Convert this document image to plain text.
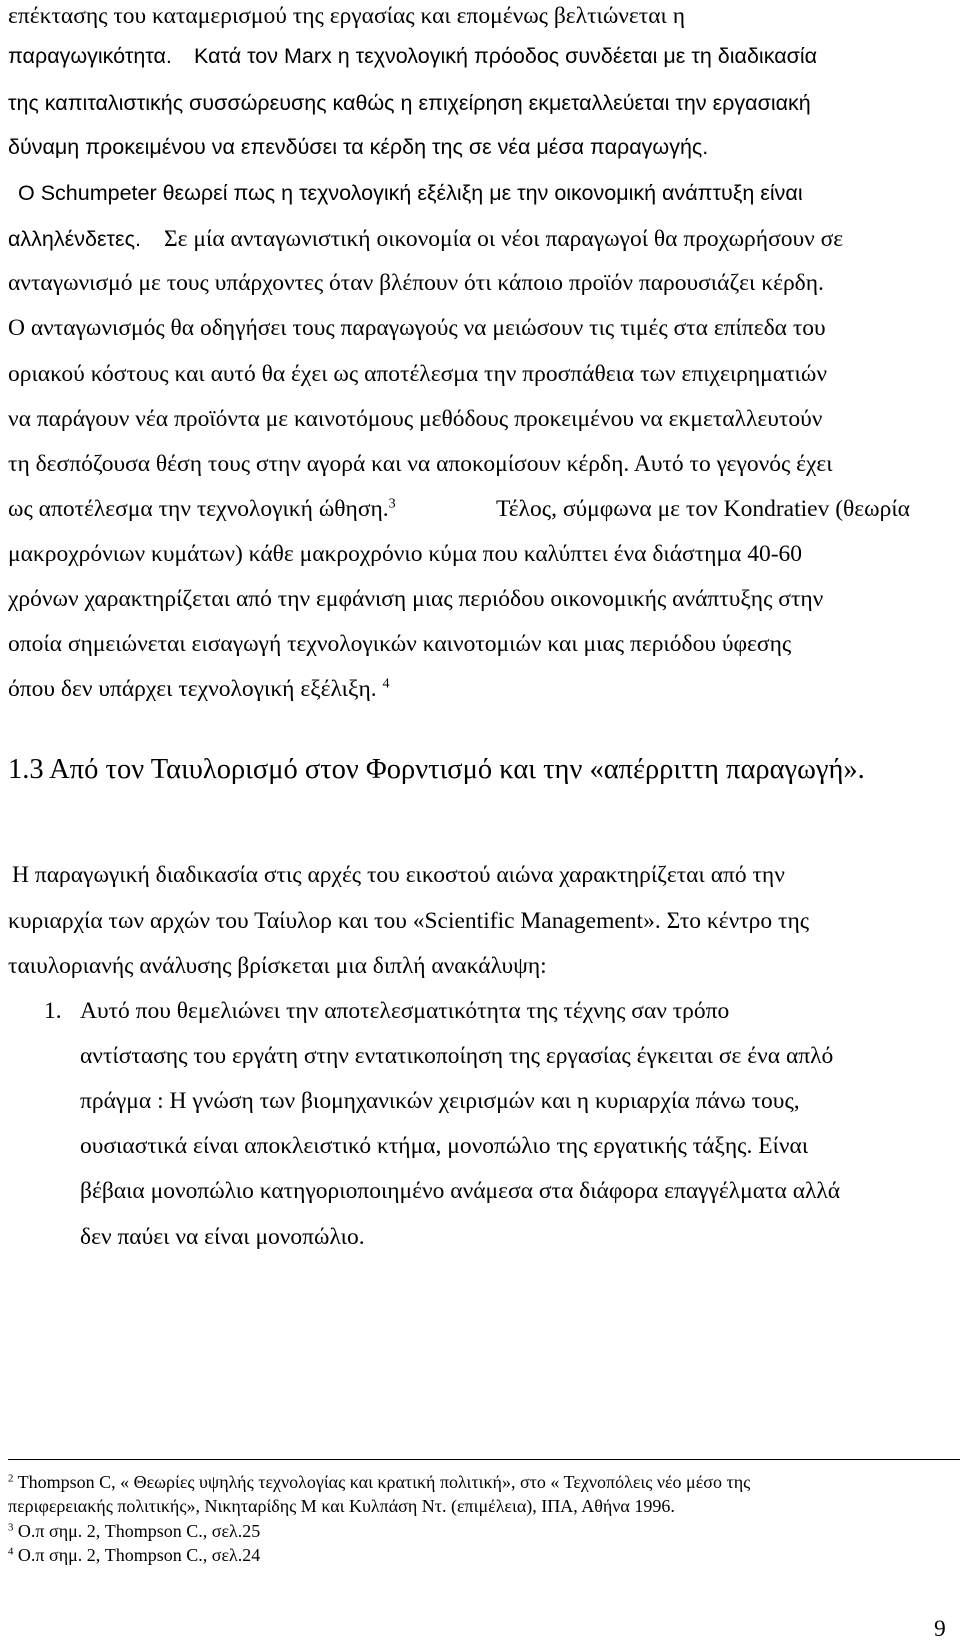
επέκτασης του καταμερισμού της εργασίας και επομένως βελτιώνεται η
παραγωγικότητα. Κατά τον Marx η τεχνολογική πρόοδος συνδέεται με τη διαδικασία
της καπιταλιστικής συσσώρευσης καθώς η επιχείρηση εκμεταλλεύεται την εργασιακή
δύναμη προκειμένου να επενδύσει τα κέρδη της σε νέα μέσα παραγωγής.
Ο Schumpeter θεωρεί πως η τεχνολογική εξέλιξη με την οικονομική ανάπτυξη είναι
αλληλένδετες. Σε μία ανταγωνιστική οικονομία οι νέοι παραγωγοί θα προχωρήσουν σε
ανταγωνισμό με τους υπάρχοντες όταν βλέπουν ότι κάποιο προϊόν παρουσιάζει κέρδη.
Ο ανταγωνισμός θα οδηγήσει τους παραγωγούς να μειώσουν τις τιμές στα επίπεδα του
οριακού κόστους και αυτό θα έχει ως αποτέλεσμα την προσπάθεια των επιχειρηματιών
να παράγουν νέα προϊόντα με καινοτόμους μεθόδους προκειμένου να εκμεταλλευτούν
τη δεσπόζουσα θέση τους στην αγορά και να αποκομίσουν κέρδη. Αυτό το γεγονός έχει
ως αποτέλεσμα την τεχνολογική ώθηση.$^3$	Τέλος, σύμφωνα με τον Kondratiev (θεωρία
μακροχρόνιων κυμάτων) κάθε μακροχρόνιο κύμα που καλύπτει ένα διάστημα 40-60
χρόνων χαρακτηρίζεται από την εμφάνιση μιας περιόδου οικονομικής ανάπτυξης στην
οποία σημειώνεται εισαγωγή τεχνολογικών καινοτομιών και μιας περιόδου ύφεσης
όπου δεν υπάρχει τεχνολογική εξέλιξη. $^4$
1.3 Από τον Ταιυλορισμό στον Φορντισμό και την «απέρριττη παραγωγή».
Η παραγωγική διαδικασία στις αρχές του εικοστού αιώνα χαρακτηρίζεται από την
κυριαρχία των αρχών του Ταίυλορ και του «Scientific Management». Στο κέντρο της
ταιυλοριανής ανάλυσης βρίσκεται μια διπλή ανακάλυψη:
1. Αυτό που θεμελιώνει την αποτελεσματικότητα της τέχνης σαν τρόπο
αντίστασης του εργάτη στην εντατικοποίηση της εργασίας έγκειται σε ένα απλό
πράγμα : Η γνώση των βιομηχανικών χειρισμών και η κυριαρχία πάνω τους,
ουσιαστικά είναι αποκλειστικό κτήμα, μονοπώλιο της εργατικής τάξης. Είναι
βέβαια μονοπώλιο κατηγοριοποιημένο ανάμεσα στα διάφορα επαγγέλματα αλλά
δεν παύει να είναι μονοπώλιο.
$^2$ Thompson C, « Θεωρίες υψηλής τεχνολογίας και κρατική πολιτική», στο « Τεχνοπόλεις νέο μέσο της
περιφερειακής πολιτικής», Νικηταρίδης Μ και Κυλπάση Ντ. (επιμέλεια), ΙΠΑ, Αθήνα 1996.
$^3$ Ο.π σημ. 2, Thompson C., σελ.25
$^4$ Ο.π σημ. 2, Thompson C., σελ.24
9
